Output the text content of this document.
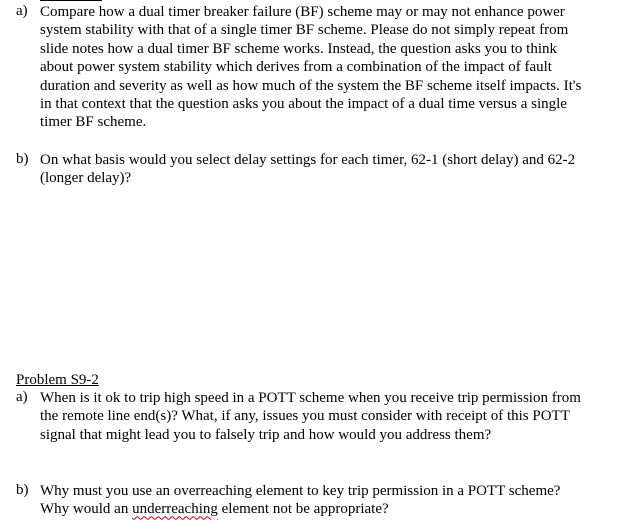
a) Compare how a dual timer breaker failure (BF) scheme may or may not enhance power system stability with that of a single timer BF scheme. Please do not simply repeat from slide notes how a dual timer BF scheme works. Instead, the question asks you to think about power system stability which derives from a combination of the impact of fault duration and severity as well as how much of the system the BF scheme itself impacts. It's in that context that the question asks you about the impact of a dual time versus a single timer BF scheme.
b) On what basis would you select delay settings for each timer, 62-1 (short delay) and 62-2 (longer delay)?
Problem S9-2
a) When is it ok to trip high speed in a POTT scheme when you receive trip permission from the remote line end(s)? What, if any, issues you must consider with receipt of this POTT signal that might lead you to falsely trip and how would you address them?
b) Why must you use an overreaching element to key trip permission in a POTT scheme? Why would an underreaching element not be appropriate?
